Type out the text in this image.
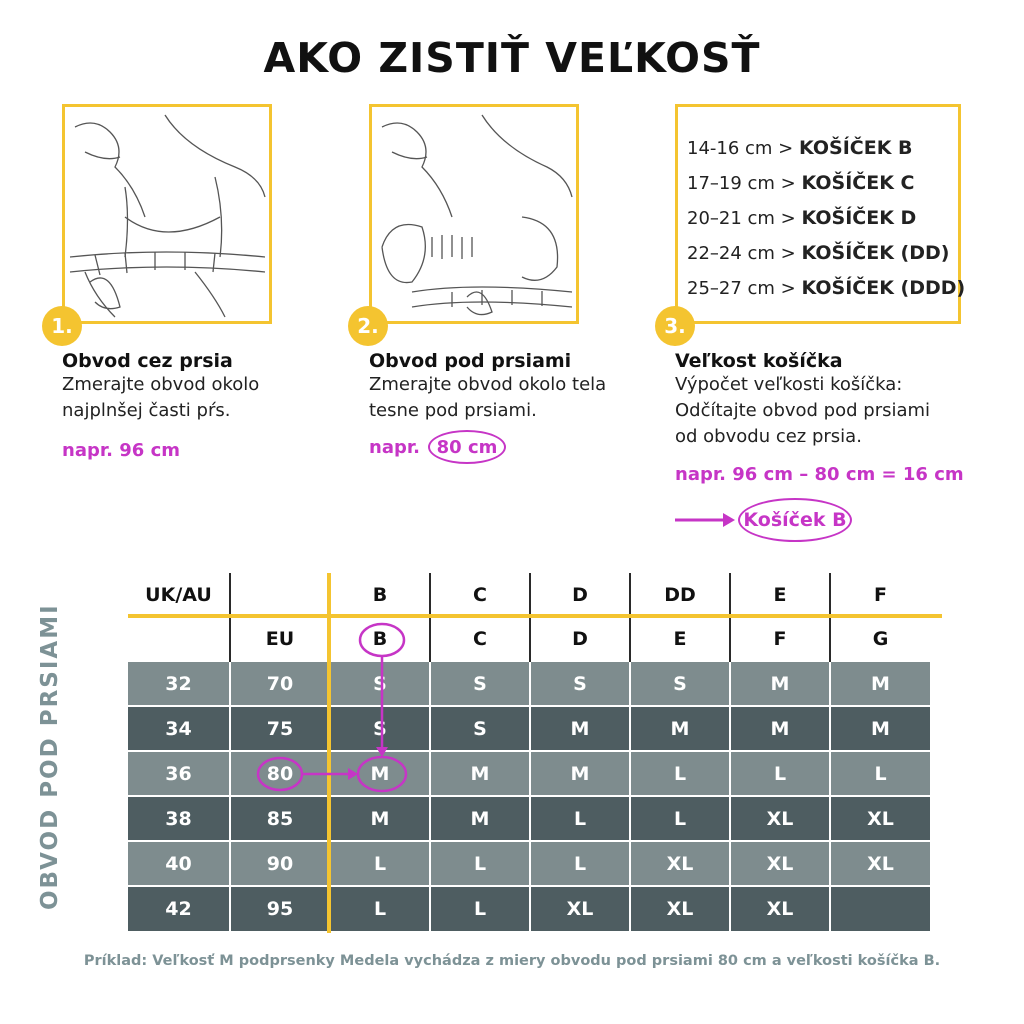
AKO ZISTIŤ VEĽKOSŤ
1.	2.
14-16 cm > KOŠÍČEK B
17–19 cm > KOŠÍČEK C
20–21 cm > KOŠÍČEK D
22–24 cm > KOŠÍČEK (DD)
25–27 cm > KOŠÍČEK (DDD)
3.
Obvod cez prsia
Zmerajte obvod okolo
najplnšej časti pŕs.
napr. 96 cm
Obvod pod prsiami
Zmerajte obvod okolo tela
tesne pod prsiami.
napr. 80 cm
Veľkost košíčka
Výpočet veľkosti košíčka:
Odčítajte obvod pod prsiami
od obvodu cez prsia.
napr. 96 cm – 80 cm = 16 cm
Košíček B
OBVOD POD PRSIAMI
UK/AU		B	C	D	DD	E	F
	EU	B	C	D	E	F	G
32	70	S	S	S	S	M	M
34	75	S	S	M	M	M	M
36	80	M	M	M	L	L	L
38	85	M	M	L	L	XL	XL
40	90	L	L	L	XL	XL	XL
42	95	L	L	XL	XL	XL	
Príklad: Veľkosť M podprsenky Medela vychádza z miery obvodu pod prsiami 80 cm a veľkosti košíčka B.
